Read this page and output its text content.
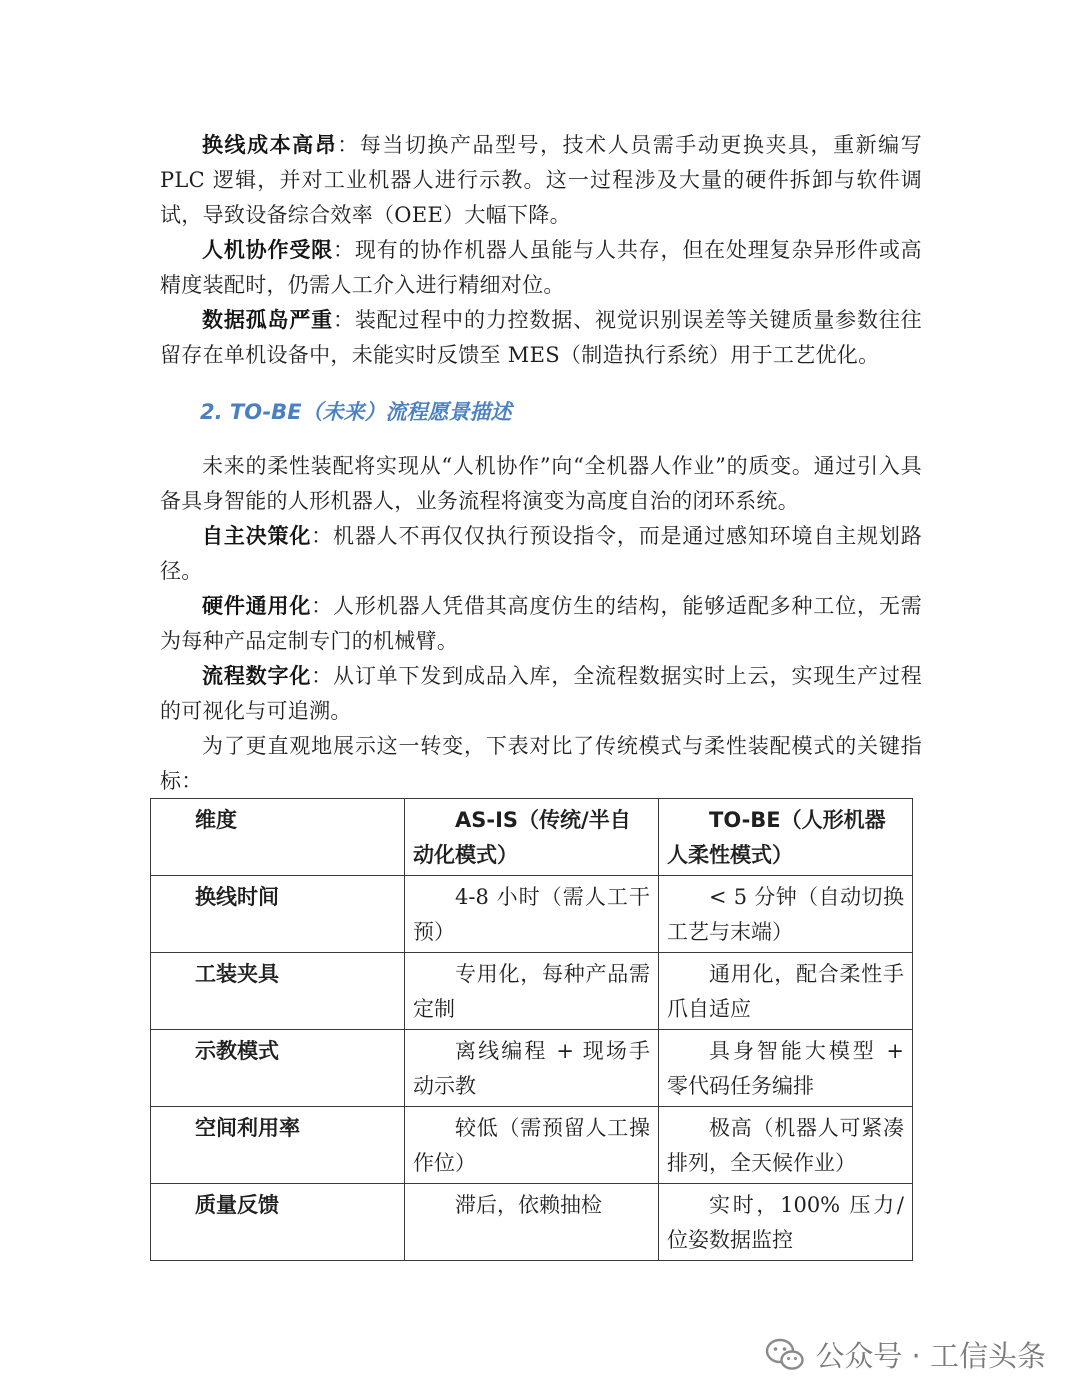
换线成本高昂：每当切换产品型号，技术人员需手动更换夹具，重新编写 PLC 逻辑，并对工业机器人进行示教。这一过程涉及大量的硬件拆卸与软件调试，导致设备综合效率（OEE）大幅下降。

人机协作受限：现有的协作机器人虽能与人共存，但在处理复杂异形件或高精度装配时，仍需人工介入进行精细对位。

数据孤岛严重：装配过程中的力控数据、视觉识别误差等关键质量参数往往留存在单机设备中，未能实时反馈至 MES（制造执行系统）用于工艺优化。

2. TO-BE（未来）流程愿景描述

未来的柔性装配将实现从“人机协作”向“全机器人作业”的质变。通过引入具备具身智能的人形机器人，业务流程将演变为高度自治的闭环系统。

自主决策化：机器人不再仅仅执行预设指令，而是通过感知环境自主规划路径。

硬件通用化：人形机器人凭借其高度仿生的结构，能够适配多种工位，无需为每种产品定制专门的机械臂。

流程数字化：从订单下发到成品入库，全流程数据实时上云，实现生产过程的可视化与可追溯。

为了更直观地展示这一转变，下表对比了传统模式与柔性装配模式的关键指标：

维度	AS-IS（传统/半自动化模式）	TO-BE（人形机器人柔性模式）
换线时间	4-8 小时（需人工干预）	< 5 分钟（自动切换工艺与末端）
工装夹具	专用化，每种产品需定制	通用化，配合柔性手爪自适应
示教模式	离线编程 + 现场手动示教	具身智能大模型 + 零代码任务编排
空间利用率	较低（需预留人工操作位）	极高（机器人可紧凑排列，全天候作业）
质量反馈	滞后，依赖抽检	实时，100% 压力/位姿数据监控
公众号 · 工信头条
